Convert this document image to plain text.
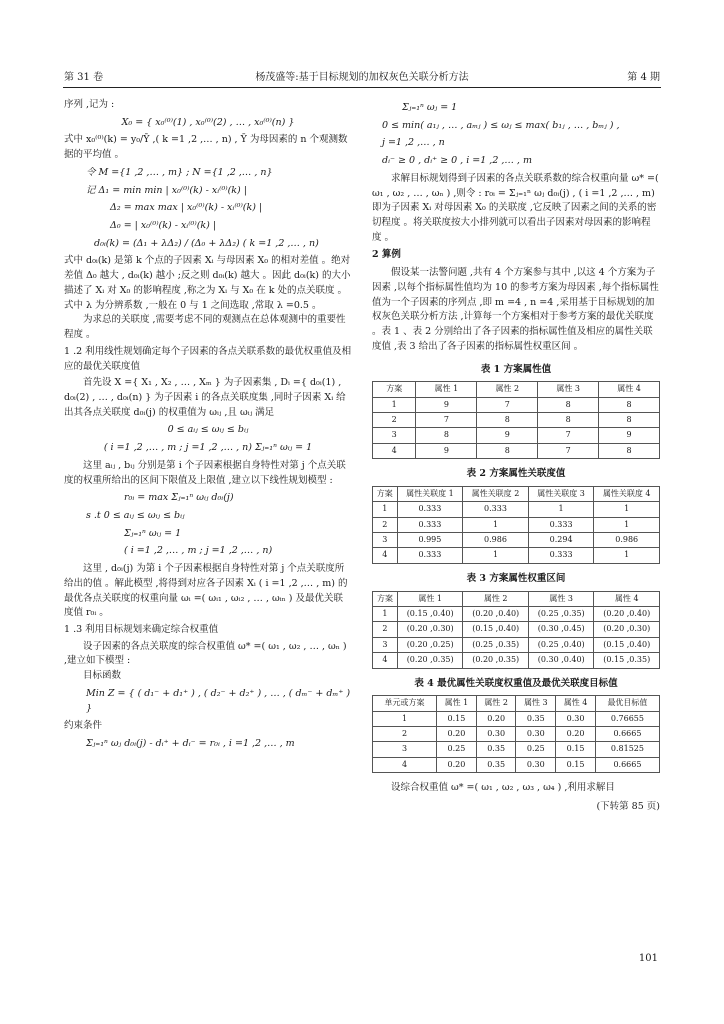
第 31 卷	杨茂盛等:基于目标规划的加权灰色关联分析方法	第 4 期

序列 ,记为 :

X₀ = { x₀⁽⁰⁾(1) , x₀⁽⁰⁾(2) , … , x₀⁽⁰⁾(n) }

式中 x₀⁽⁰⁾(k) = y₀/Ȳ ,( k =1 ,2 ,… , n) , Ȳ 为母因素的 n 个观测数据的平均值 。

令 M ={1 ,2 ,… , m} ; N ={1 ,2 ,… , n}

记 Δ₁ = min min | x₀⁽⁰⁾(k) - xᵢ⁽⁰⁾(k) |

Δ₂ = max max | x₀⁽⁰⁾(k) - xᵢ⁽⁰⁾(k) |

Δ₀ = | x₀⁽⁰⁾(k) - xᵢ⁽⁰⁾(k) |

d₀ᵢ(k) = (Δ₁ + λΔ₂) / (Δ₀ + λΔ₂) ( k =1 ,2 ,… , n)

式中 d₀ᵢ(k) 是第 k 个点的子因素 Xᵢ 与母因素 X₀ 的相对差值 。绝对差值 Δ₀ 越大 , d₀ᵢ(k) 越小 ;反之则 d₀ᵢ(k) 越大 。因此 d₀ᵢ(k) 的大小描述了 Xᵢ 对 X₀ 的影响程度 ,称之为 Xᵢ 与 X₀ 在 k 处的点关联度 。式中 λ 为分辨系数 ,一般在 0 与 1 之间选取 ,常取 λ =0.5 。

为求总的关联度 ,需要考虑不同的观测点在总体观测中的重要性程度 。

1 .2 利用线性规划确定每个子因素的各点关联系数的最优权重值及相应的最优关联度值

首先设 X ={ X₁ , X₂ , … , Xₘ } 为子因素集 , Dᵢ ={ d₀ᵢ(1) , d₀ᵢ(2) , … , d₀ᵢ(n) } 为子因素 i 的各点关联度集 ,同时子因素 Xᵢ 给出其各点关联度 d₀ᵢ(j) 的权重值为 ωᵢⱼ ,且 ωᵢⱼ 满足

0 ≤ aᵢⱼ ≤ ωᵢⱼ ≤ bᵢⱼ

( i =1 ,2 ,… , m ; j =1 ,2 ,… , n) Σⱼ₌₁ⁿ ωᵢⱼ = 1

这里 aᵢⱼ , bᵢⱼ 分别是第 i 个子因素根据自身特性对第 j 个点关联度的权重所给出的区间下限值及上限值 ,建立以下线性规划模型 :

r₀ᵢ = max Σⱼ₌₁ⁿ ωᵢⱼ d₀ᵢ(j)

s .t 0 ≤ aᵢⱼ ≤ ωᵢⱼ ≤ bᵢⱼ

Σⱼ₌₁ⁿ ωᵢⱼ = 1

( i =1 ,2 ,… , m ; j =1 ,2 ,… , n)

这里 , d₀ᵢ(j) 为第 i 个子因素根据自身特性对第 j 个点关联度所给出的值 。解此模型 ,将得到对应各子因素 Xᵢ ( i =1 ,2 ,… , m) 的最优各点关联度的权重向量 ωᵢ =( ωᵢ₁ , ωᵢ₂ , … , ωᵢₙ ) 及最优关联度值 r₀ᵢ 。

1 .3 利用目标规划来确定综合权重值

设子因素的各点关联度的综合权重值 ω* =( ω₁ , ω₂ , … , ωₙ ) ,建立如下模型 :

目标函数

Min Z = { ( d₁⁻ + d₁⁺ ) , ( d₂⁻ + d₂⁺ ) , … , ( dₘ⁻ + dₘ⁺ ) }

约束条件

Σⱼ₌₁ⁿ ωⱼ d₀ᵢ(j) - dᵢ⁺ + dᵢ⁻ = r₀ᵢ , i =1 ,2 ,… , m

Σⱼ₌₁ⁿ ωⱼ = 1

0 ≤ min( a₁ⱼ , … , aₘⱼ ) ≤ ωⱼ ≤ max( b₁ⱼ , … , bₘⱼ ) ,

j =1 ,2 ,… , n

dᵢ⁻ ≥ 0 , dᵢ⁺ ≥ 0 , i =1 ,2 ,… , m

求解目标规划得到子因素的各点关联系数的综合权重向量 ω* =( ω₁ , ω₂ , … , ωₙ ) ,则令 : r₀ᵢ = Σⱼ₌₁ⁿ ωⱼ d₀ᵢ(j) , ( i =1 ,2 ,… , m) 即为子因素 Xᵢ 对母因素 X₀ 的关联度 ,它反映了因素之间的关系的密切程度 。将关联度按大小排列就可以看出子因素对母因素的影响程度 。

2 算例

假设某一法警问题 ,共有 4 个方案参与其中 ,以这 4 个方案为子因素 ,以每个指标属性值均为 10 的参考方案为母因素 ,每个指标属性值为一个子因素的序列点 ,即 m =4 , n =4 ,采用基于目标规划的加权灰色关联分析方法 ,计算每一个方案相对于参考方案的最优关联度 。表 1 、表 2 分别给出了各子因素的指标属性值及相应的属性关联度值 ,表 3 给出了各子因素的指标属性权重区间 。

表 1 方案属性值
方案	属性 1	属性 2	属性 3	属性 4
1	9	7	8	8
2	7	8	8	8
3	8	9	7	9
4	9	8	7	8
表 2 方案属性关联度值
方案	属性关联度 1	属性关联度 2	属性关联度 3	属性关联度 4
1	0.333	0.333	1	1
2	0.333	1	0.333	1
3	0.995	0.986	0.294	0.986
4	0.333	1	0.333	1
表 3 方案属性权重区间
方案	属性 1	属性 2	属性 3	属性 4
1	(0.15 ,0.40)	(0.20 ,0.40)	(0.25 ,0.35)	(0.20 ,0.40)
2	(0.20 ,0.30)	(0.15 ,0.40)	(0.30 ,0.45)	(0.20 ,0.30)
3	(0.20 ,0.25)	(0.25 ,0.35)	(0.25 ,0.40)	(0.15 ,0.40)
4	(0.20 ,0.35)	(0.20 ,0.35)	(0.30 ,0.40)	(0.15 ,0.35)
表 4 最优属性关联度权重值及最优关联度目标值
单元或方案	属性 1	属性 2	属性 3	属性 4	最优目标值
1	0.15	0.20	0.35	0.30	0.76655
2	0.20	0.30	0.30	0.20	0.6665
3	0.25	0.35	0.25	0.15	0.81525
4	0.20	0.35	0.30	0.15	0.6665

设综合权重值 ω* =( ω₁ , ω₂ , ω₃ , ω₄ ) ,利用求解目

(下转第 85 页)

101
